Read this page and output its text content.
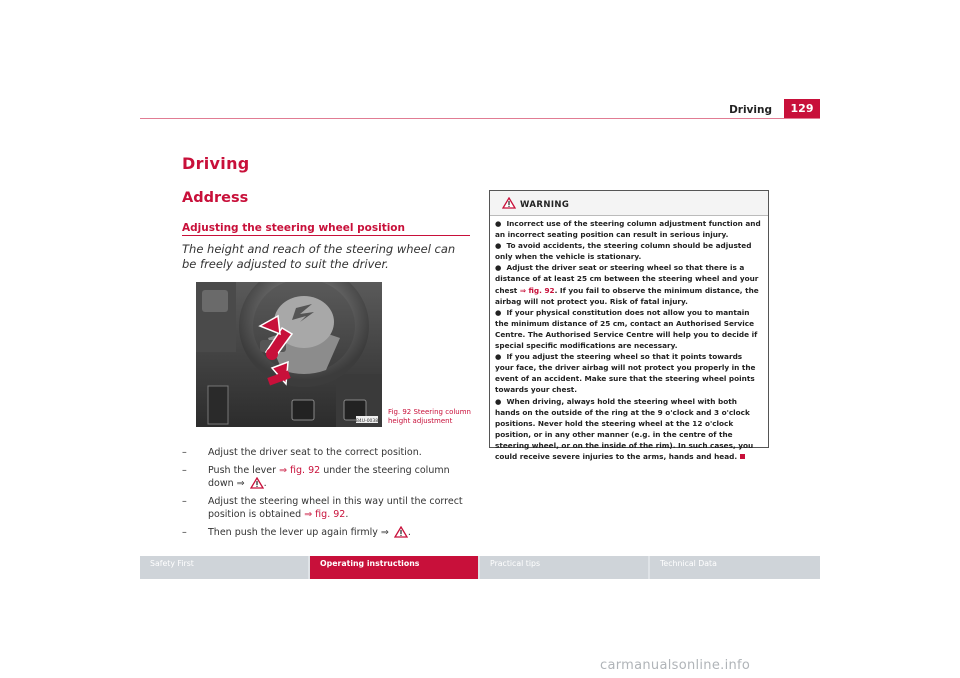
Driving	129
Driving
Address
Adjusting the steering wheel position
The height and reach of the steering wheel can be freely adjusted to suit the driver.
B4U-0038
Fig. 92 Steering column height adjustment
– Adjust the driver seat to the correct position.
– Push the lever ⇒ fig. 92 under the steering column down ⇒ .
– Adjust the steering wheel in this way until the correct position is obtained ⇒ fig. 92.
– Then push the lever up again firmly ⇒ .
WARNING

●  Incorrect use of the steering column adjustment function and an incorrect seating position can result in serious injury.

●  To avoid accidents, the steering column should be adjusted only when the vehicle is stationary.

●  Adjust the driver seat or steering wheel so that there is a distance of at least 25 cm between the steering wheel and your chest ⇒ fig. 92. If you fail to observe the minimum distance, the airbag will not protect you. Risk of fatal injury.

●  If your physical constitution does not allow you to mantain the minimum distance of 25 cm, contact an Authorised Service Centre. The Authorised Service Centre will help you to decide if special specific modifications are necessary.

●  If you adjust the steering wheel so that it points towards your face, the driver airbag will not protect you properly in the event of an accident. Make sure that the steering wheel points towards your chest.

●  When driving, always hold the steering wheel with both hands on the outside of the ring at the 9 o'clock and 3 o'clock positions. Never hold the steering wheel at the 12 o'clock position, or in any other manner (e.g. in the centre of the steering wheel, or on the inside of the rim). In such cases, you could receive severe injuries to the arms, hands and head.

Safety First	Operating instructions	Practical tips	Technical Data
carmanualsonline.info
